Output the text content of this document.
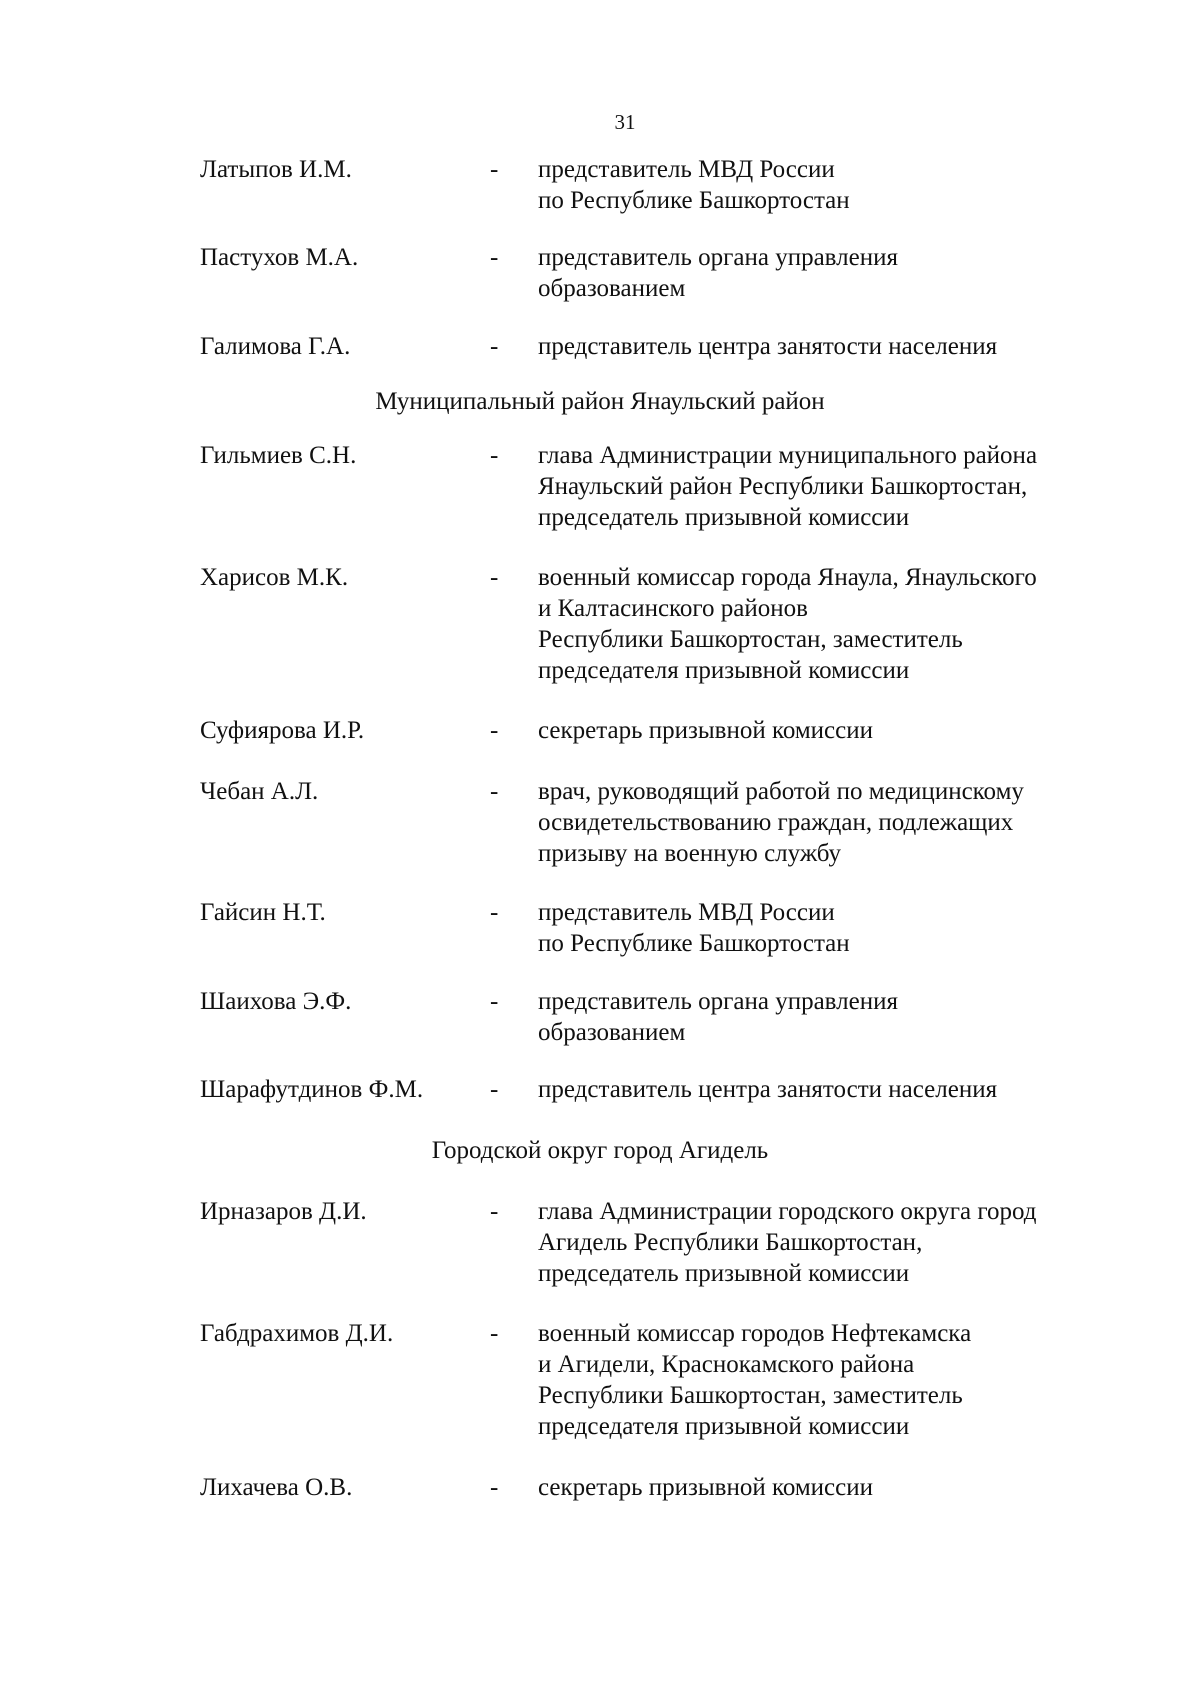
31
Латыпов И.М.	- представитель МВД России
по Республике Башкортостан
Пастухов М.А.	- представитель органа управления
образованием
Галимова Г.А.	- представитель центра занятости населения
Муниципальный район Янаульский район
Гильмиев С.Н.	- глава Администрации муниципального района
Янаульский район Республики Башкортостан,
председатель призывной комиссии
Харисов М.К.	- военный комиссар города Янаула, Янаульского
и Калтасинского районов
Республики Башкортостан, заместитель
председателя призывной комиссии
Суфиярова И.Р.	- секретарь призывной комиссии
Чебан А.Л.	- врач, руководящий работой по медицинскому
освидетельствованию граждан, подлежащих
призыву на военную службу
Гайсин Н.Т.	- представитель МВД России
по Республике Башкортостан
Шаихова Э.Ф.	- представитель органа управления
образованием
Шарафутдинов Ф.М.	- представитель центра занятости населения
Городской округ город Агидель
Ирназаров Д.И.	- глава Администрации городского округа город
Агидель Республики Башкортостан,
председатель призывной комиссии
Габдрахимов Д.И.	- военный комиссар городов Нефтекамска
и Агидели, Краснокамского района
Республики Башкортостан, заместитель
председателя призывной комиссии
Лихачева О.В.	- секретарь призывной комиссии
